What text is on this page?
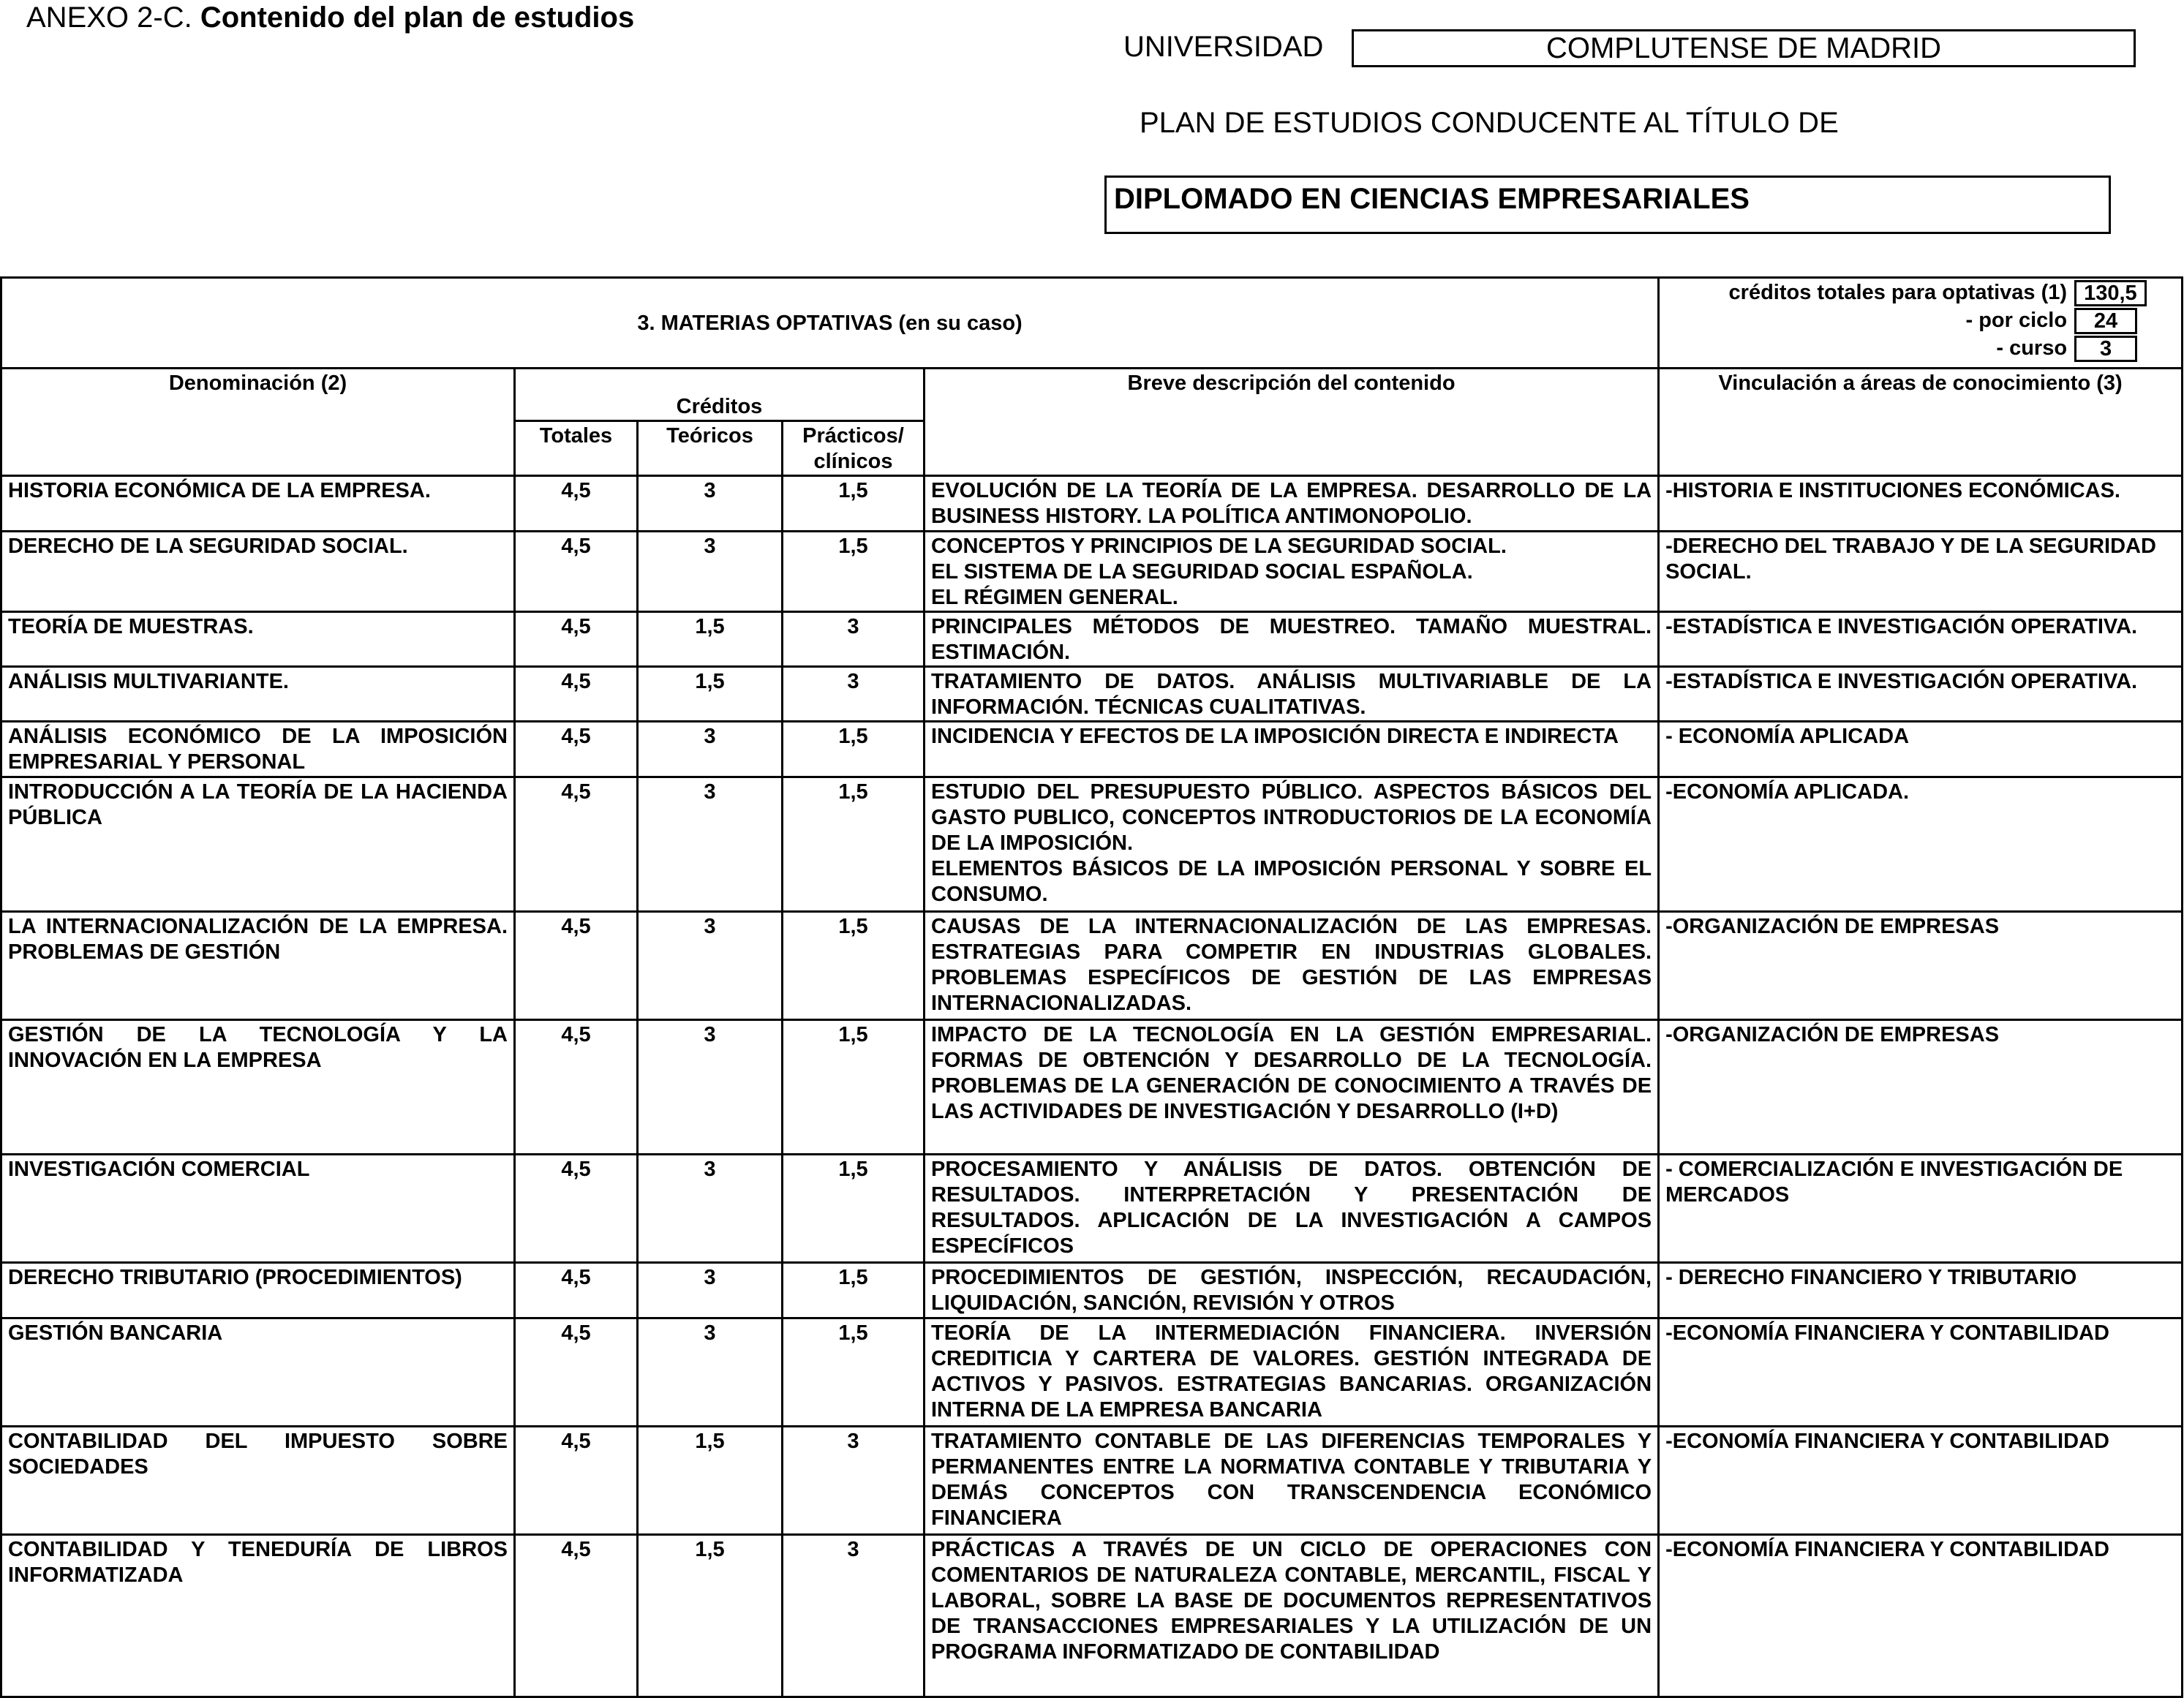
ANEXO 2-C. Contenido del plan de estudios
UNIVERSIDAD	COMPLUTENSE DE MADRID
PLAN DE ESTUDIOS CONDUCENTE AL TÍTULO DE
DIPLOMADO EN CIENCIAS EMPRESARIALES
3. MATERIAS OPTATIVAS (en su caso)	
créditos totales para optativas (1)	130,5
- por ciclo	24
- curso	3

Denominación (2)	Créditos	Breve descripción del contenido	Vinculación a áreas de conocimiento (3)
Totales	Teóricos	Prácticos/ clínicos
HISTORIA ECONÓMICA DE LA EMPRESA.	4,5	3	1,5	EVOLUCIÓN DE LA TEORÍA DE LA EMPRESA. DESARROLLO DE LA BUSINESS HISTORY. LA POLÍTICA ANTIMONOPOLIO.	-HISTORIA E INSTITUCIONES ECONÓMICAS.
DERECHO DE LA SEGURIDAD SOCIAL.	4,5	3	1,5	CONCEPTOS Y PRINCIPIOS DE LA SEGURIDAD SOCIAL.
EL SISTEMA DE LA SEGURIDAD SOCIAL ESPAÑOLA.
EL RÉGIMEN GENERAL.	-DERECHO DEL TRABAJO Y DE LA SEGURIDAD SOCIAL.
TEORÍA DE MUESTRAS.	4,5	1,5	3	PRINCIPALES MÉTODOS DE MUESTREO. TAMAÑO MUESTRAL. ESTIMACIÓN.	-ESTADÍSTICA E INVESTIGACIÓN OPERATIVA.
ANÁLISIS MULTIVARIANTE.	4,5	1,5	3	TRATAMIENTO DE DATOS. ANÁLISIS MULTIVARIABLE DE LA INFORMACIÓN. TÉCNICAS CUALITATIVAS.	-ESTADÍSTICA E INVESTIGACIÓN OPERATIVA.
ANÁLISIS ECONÓMICO DE LA IMPOSICIÓN EMPRESARIAL Y PERSONAL	4,5	3	1,5	INCIDENCIA Y EFECTOS DE LA IMPOSICIÓN DIRECTA E INDIRECTA	- ECONOMÍA APLICADA
INTRODUCCIÓN A LA TEORÍA DE LA HACIENDA PÚBLICA	4,5	3	1,5	ESTUDIO DEL PRESUPUESTO PÚBLICO. ASPECTOS BÁSICOS DEL GASTO PUBLICO, CONCEPTOS INTRODUCTORIOS DE LA ECONOMÍA DE LA IMPOSICIÓN.
ELEMENTOS BÁSICOS DE LA IMPOSICIÓN PERSONAL Y SOBRE EL CONSUMO.	-ECONOMÍA APLICADA.
LA INTERNACIONALIZACIÓN DE LA EMPRESA. PROBLEMAS DE GESTIÓN	4,5	3	1,5	CAUSAS DE LA INTERNACIONALIZACIÓN DE LAS EMPRESAS. ESTRATEGIAS PARA COMPETIR EN INDUSTRIAS GLOBALES. PROBLEMAS ESPECÍFICOS DE GESTIÓN DE LAS EMPRESAS INTERNACIONALIZADAS.	-ORGANIZACIÓN DE EMPRESAS
GESTIÓN DE LA TECNOLOGÍA Y LA INNOVACIÓN EN LA EMPRESA	4,5	3	1,5	IMPACTO DE LA TECNOLOGÍA EN LA GESTIÓN EMPRESARIAL. FORMAS DE OBTENCIÓN Y DESARROLLO DE LA TECNOLOGÍA. PROBLEMAS DE LA GENERACIÓN DE CONOCIMIENTO A TRAVÉS DE LAS ACTIVIDADES DE INVESTIGACIÓN Y DESARROLLO (I+D)	-ORGANIZACIÓN DE EMPRESAS
INVESTIGACIÓN COMERCIAL	4,5	3	1,5	PROCESAMIENTO Y ANÁLISIS DE DATOS. OBTENCIÓN DE RESULTADOS. INTERPRETACIÓN Y PRESENTACIÓN DE RESULTADOS. APLICACIÓN DE LA INVESTIGACIÓN A CAMPOS ESPECÍFICOS	- COMERCIALIZACIÓN E INVESTIGACIÓN DE MERCADOS
DERECHO TRIBUTARIO (PROCEDIMIENTOS)	4,5	3	1,5	PROCEDIMIENTOS DE GESTIÓN, INSPECCIÓN, RECAUDACIÓN, LIQUIDACIÓN, SANCIÓN, REVISIÓN Y OTROS	- DERECHO FINANCIERO Y TRIBUTARIO
GESTIÓN BANCARIA	4,5	3	1,5	TEORÍA DE LA INTERMEDIACIÓN FINANCIERA. INVERSIÓN CREDITICIA Y CARTERA DE VALORES. GESTIÓN INTEGRADA DE ACTIVOS Y PASIVOS. ESTRATEGIAS BANCARIAS. ORGANIZACIÓN INTERNA DE LA EMPRESA BANCARIA	-ECONOMÍA FINANCIERA Y CONTABILIDAD
CONTABILIDAD DEL IMPUESTO SOBRE SOCIEDADES	4,5	1,5	3	TRATAMIENTO CONTABLE DE LAS DIFERENCIAS TEMPORALES Y PERMANENTES ENTRE LA NORMATIVA CONTABLE Y TRIBUTARIA Y DEMÁS CONCEPTOS CON TRANSCENDENCIA ECONÓMICO FINANCIERA	-ECONOMÍA FINANCIERA Y CONTABILIDAD
CONTABILIDAD Y TENEDURÍA DE LIBROS INFORMATIZADA	4,5	1,5	3	PRÁCTICAS A TRAVÉS DE UN CICLO DE OPERACIONES CON COMENTARIOS DE NATURALEZA CONTABLE, MERCANTIL, FISCAL Y LABORAL, SOBRE LA BASE DE DOCUMENTOS REPRESENTATIVOS DE TRANSACCIONES EMPRESARIALES Y LA UTILIZACIÓN DE UN PROGRAMA INFORMATIZADO DE CONTABILIDAD	-ECONOMÍA FINANCIERA Y CONTABILIDAD
